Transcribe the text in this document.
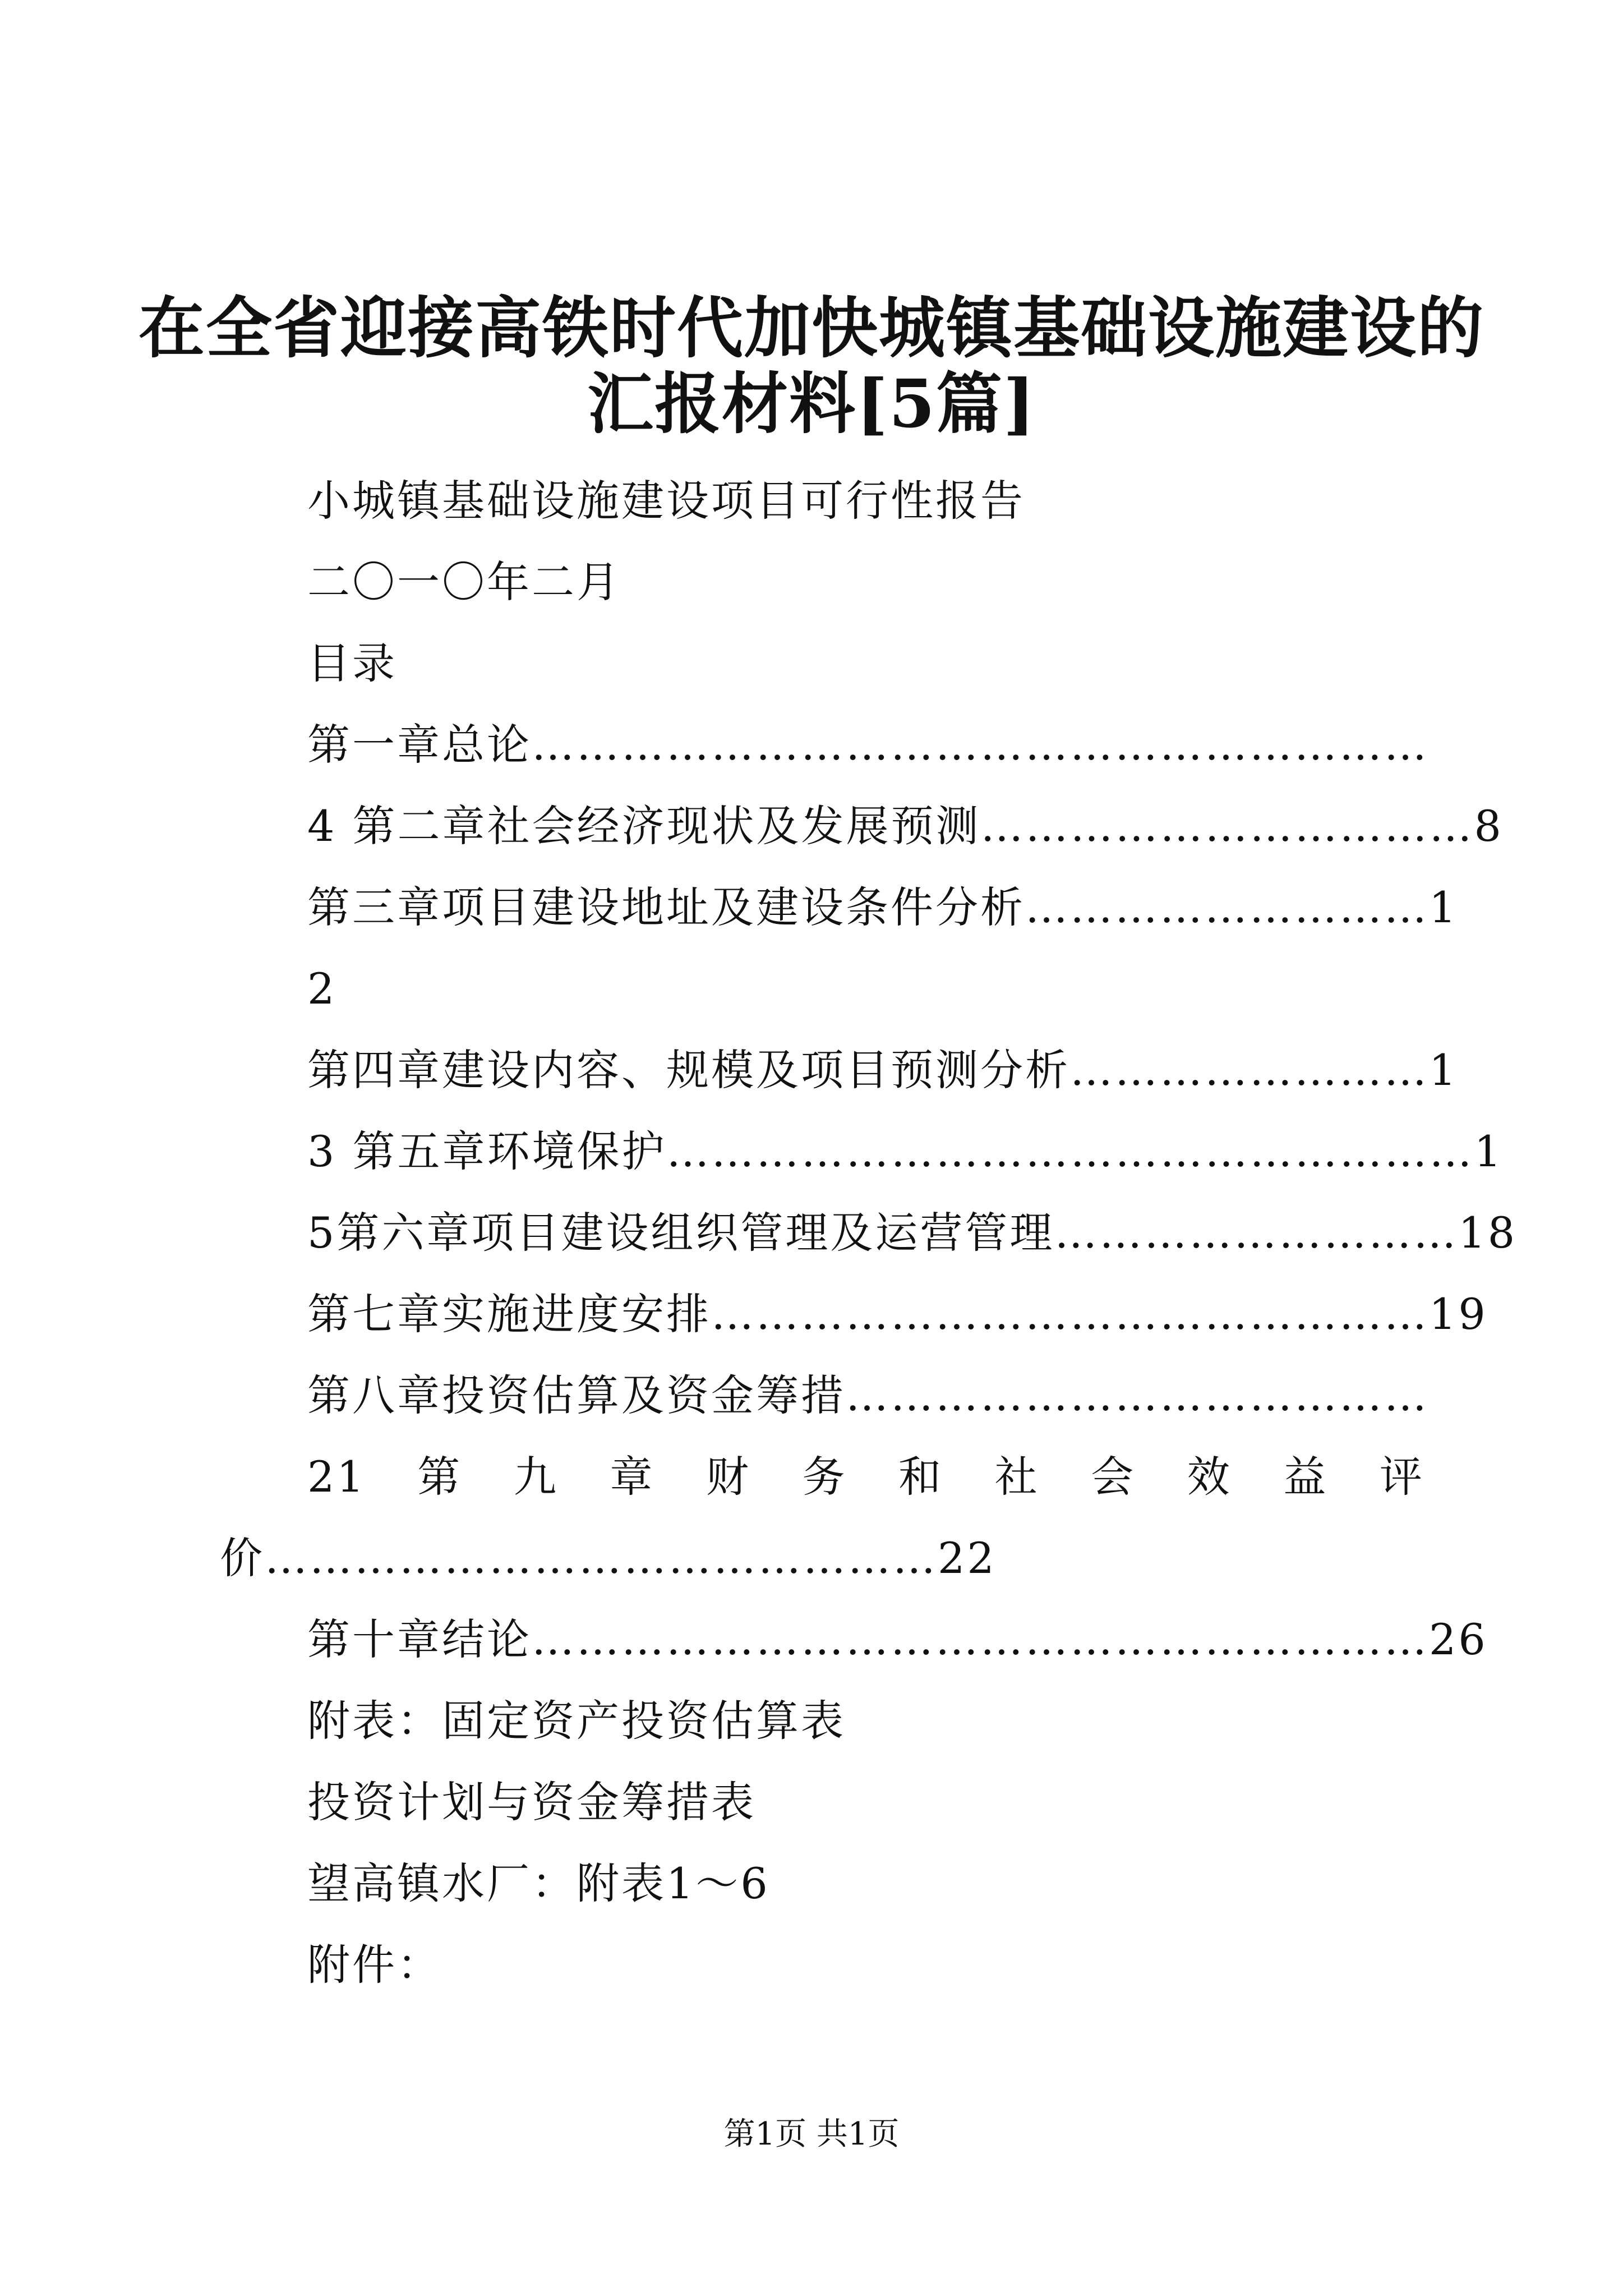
在全省迎接高铁时代加快城镇基础设施建设的
汇报材料[5篇]
小城镇基础设施建设项目可行性报告
二〇一〇年二月
目录
第一章总论……………………………………………………
4 第二章社会经济现状及发展预测……………………………8
第三章项目建设地址及建设条件分析………………………1
2
第四章建设内容、规模及项目预测分析……………………1
3 第五章环境保护………………………………………………1
5第六章项目建设组织管理及运营管理………………………18
第七章实施进度安排…………………………………………19
第八章投资估算及资金筹措…………………………………
21 第 九 章 财 务 和 社 会 效 益 评
价………………………………………22
第十章结论……………………………………………………26
附表：固定资产投资估算表
投资计划与资金筹措表
望高镇水厂：附表1～6
附件：
第1页 共1页
